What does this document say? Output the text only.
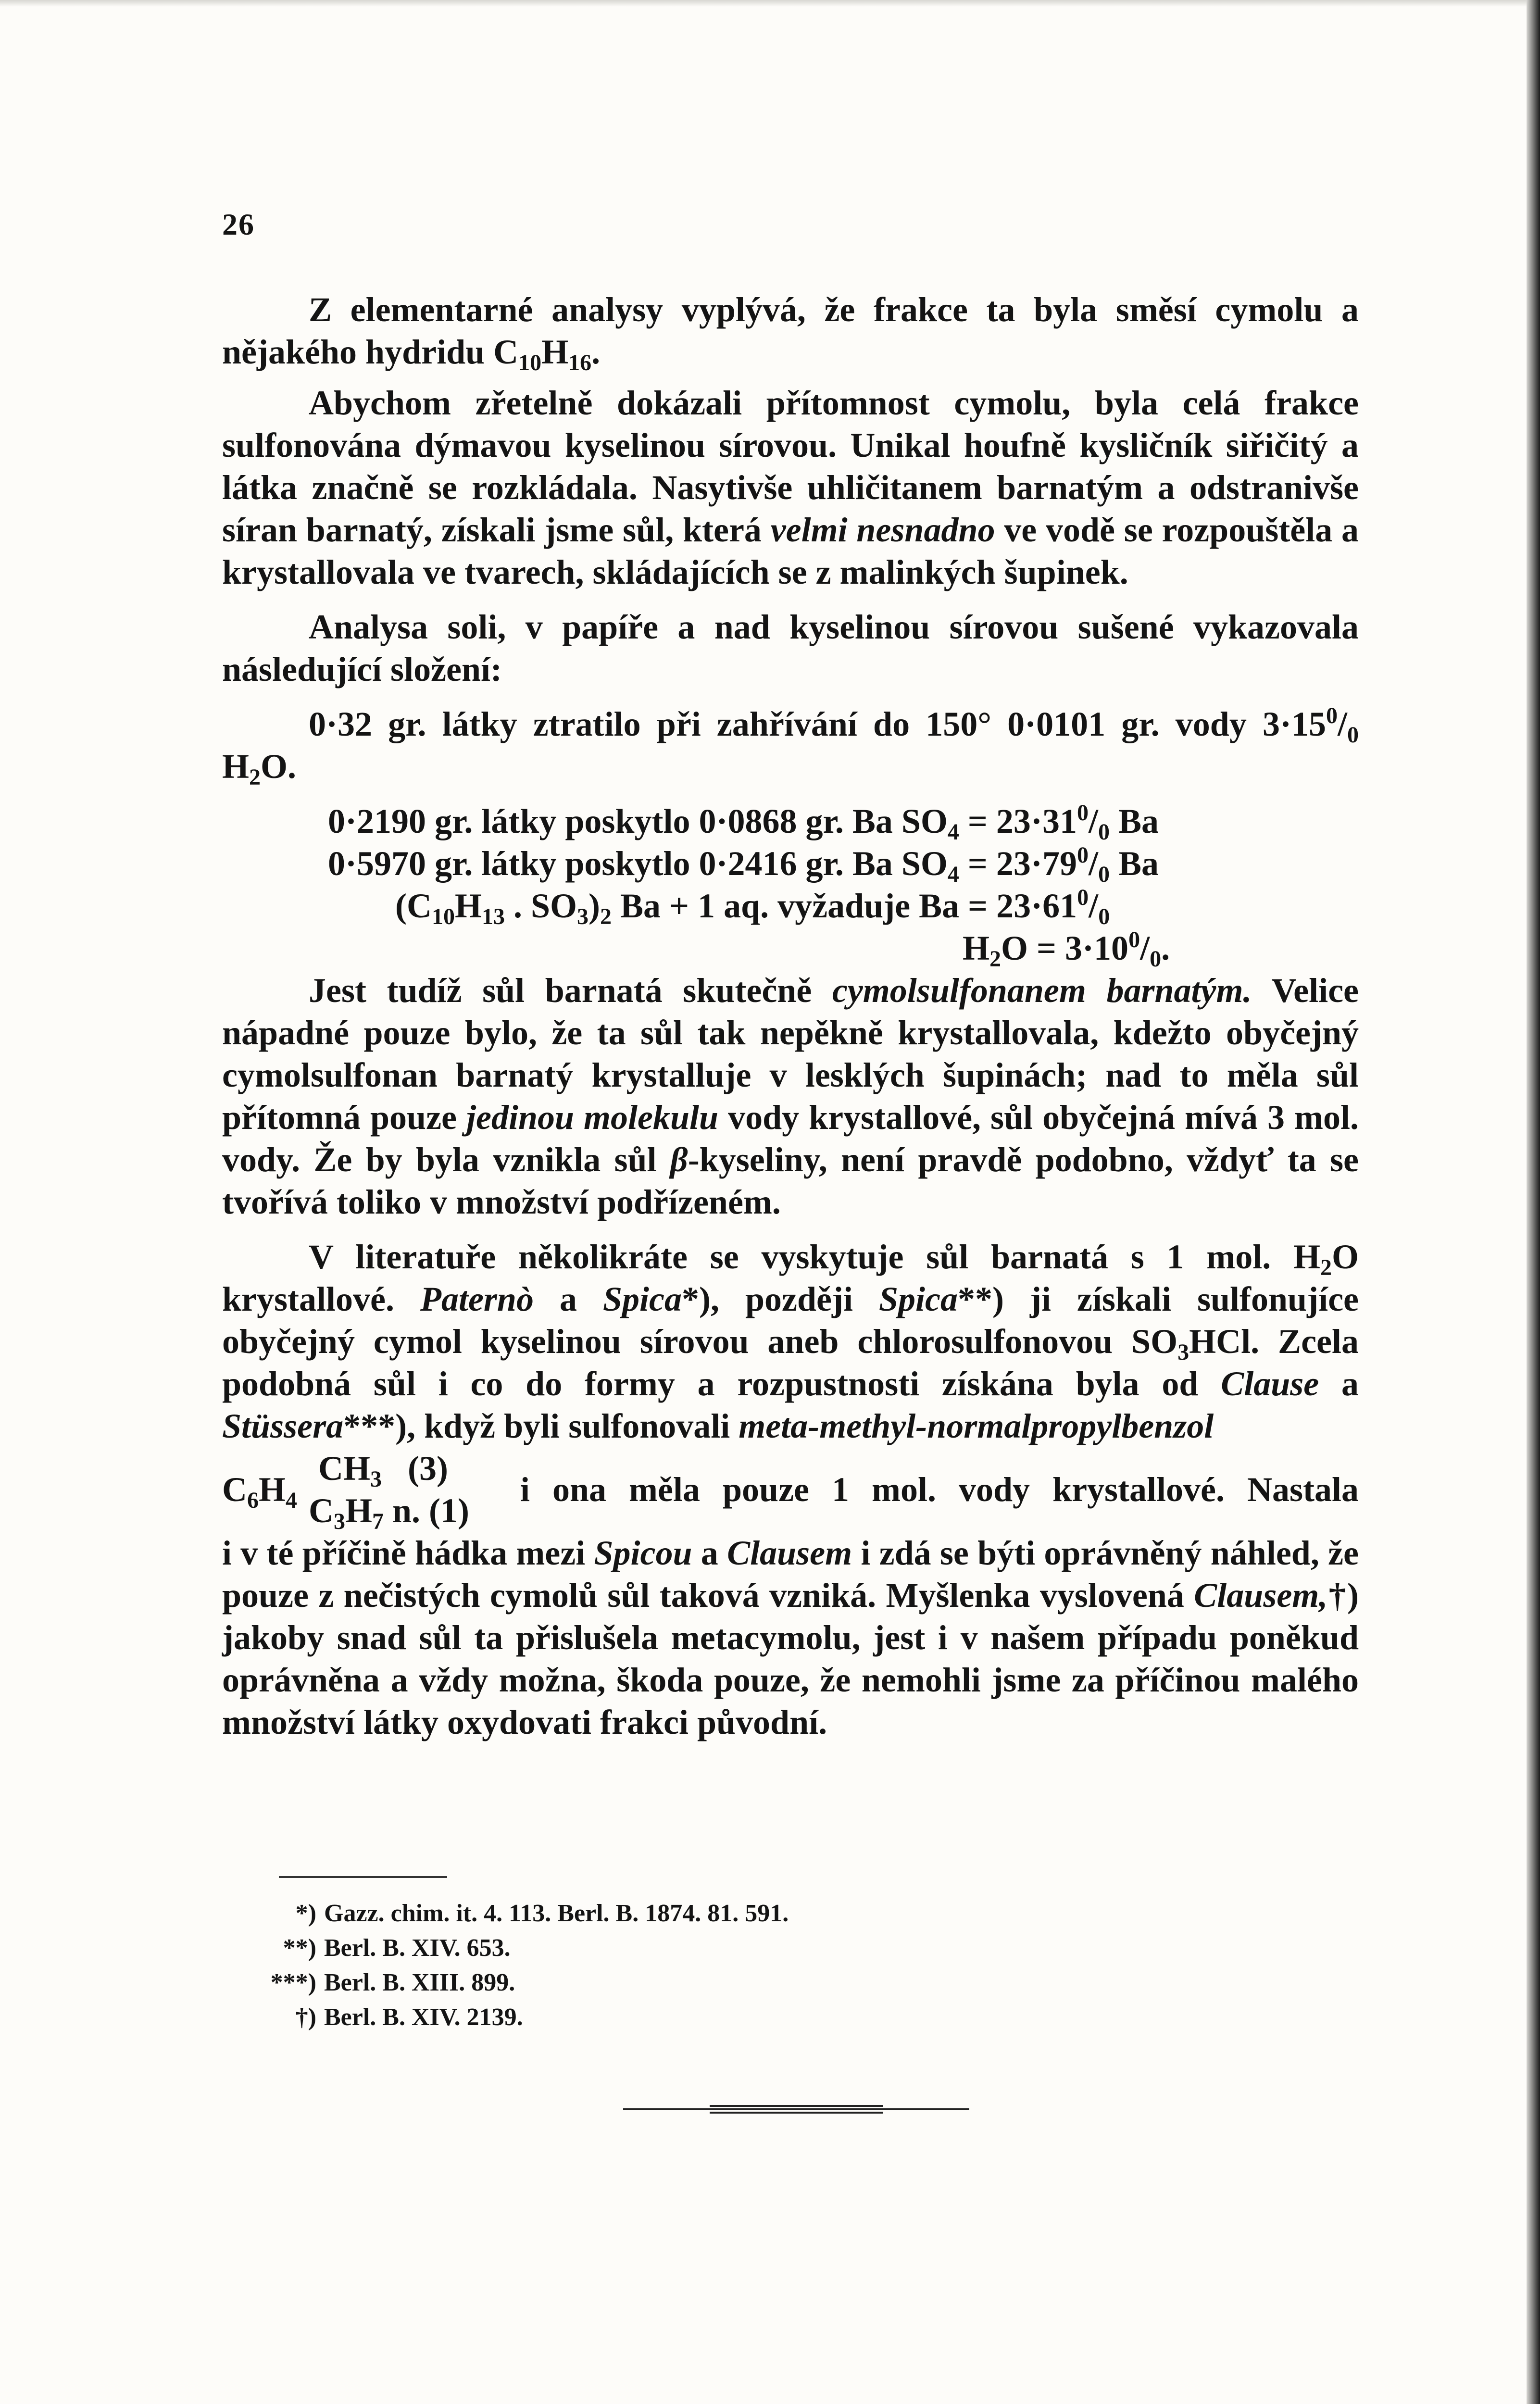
26

Z elementarné analysy vyplývá, že frakce ta byla směsí cymolu a nějakého hydridu $C_{10}H_{16}$.

Abychom zřetelně dokázali přítomnost cymolu, byla celá frakce sulfonována dýmavou kyselinou sírovou. Unikal houfně kysličník siřičitý a látka značně se rozkládala. Nasytivše uhličitanem barnatým a odstranivše síran barnatý, získali jsme sůl, která velmi nesnadno ve vodě se rozpouštěla a krystallovala ve tvarech, skládajících se z malinkých šupinek.

Analysa soli, v papíře a nad kyselinou sírovou sušené vykazovala následující složení:

0·32 gr. látky ztratilo při zahřívání do 150° 0·0101 gr. vody $3\cdot 15^0/_0$ $H_2O$.

0·2190 gr. látky poskytlo 0·0868 gr. Ba $SO_4 = 23\cdot 31^0/_0$ Ba
0·5970 gr. látky poskytlo 0·2416 gr. Ba $SO_4 = 23\cdot 79^0/_0$ Ba
($C_{10}H_{13}$ . $SO_3)_2$ Ba + 1 aq. vyžaduje $Ba = 23\cdot 61^0/_0$
$H_2O = 3\cdot 10^0/_0$.

Jest tudíž sůl barnatá skutečně cymolsulfonanem barnatým. Velice nápadné pouze bylo, že ta sůl tak nepěkně krystallovala, kdežto obyčejný cymolsulfonan barnatý krystalluje v lesklých šupinách; nad to měla sůl přítomná pouze jedinou molekulu vody krystallové, sůl obyčejná mívá 3 mol. vody. Že by byla vznikla sůl β-kyseliny, není pravdě podobno, vždyť ta se tvořívá toliko v množství podřízeném.

V literatuře několikráte se vyskytuje sůl barnatá s 1 mol. $H_2O$ krystallové. Paternò a Spica*), později Spica**) ji získali sulfonujíce obyčejný cymol kyselinou sírovou aneb chlorosulfonovou $SO_3HCl$. Zcela podobná sůl i co do formy a rozpustnosti získána byla od Clause a Stüssera***), když byli sulfonovali meta-methyl-normalpropylbenzol

$C_6H_4$
$CH_3$ (3)
$C_3H_7$ n. (1)
i ona měla pouze 1 mol. vody krystallové. Nastala

i v té příčině hádka mezi Spicou a Clausem i zdá se býti oprávněný náhled, že pouze z nečistých cymolů sůl taková vzniká. Myšlenka vyslovená Clausem,†) jakoby snad sůl ta přislušela metacymolu, jest i v našem případu poněkud oprávněna a vždy možna, škoda pouze, že nemohli jsme za příčinou malého množství látky oxydovati frakci původní.

*) Gazz. chim. it. 4. 113. Berl. B. 1874. 81. 591.
**) Berl. B. XIV. 653.
***) Berl. B. XIII. 899.
†) Berl. B. XIV. 2139.
